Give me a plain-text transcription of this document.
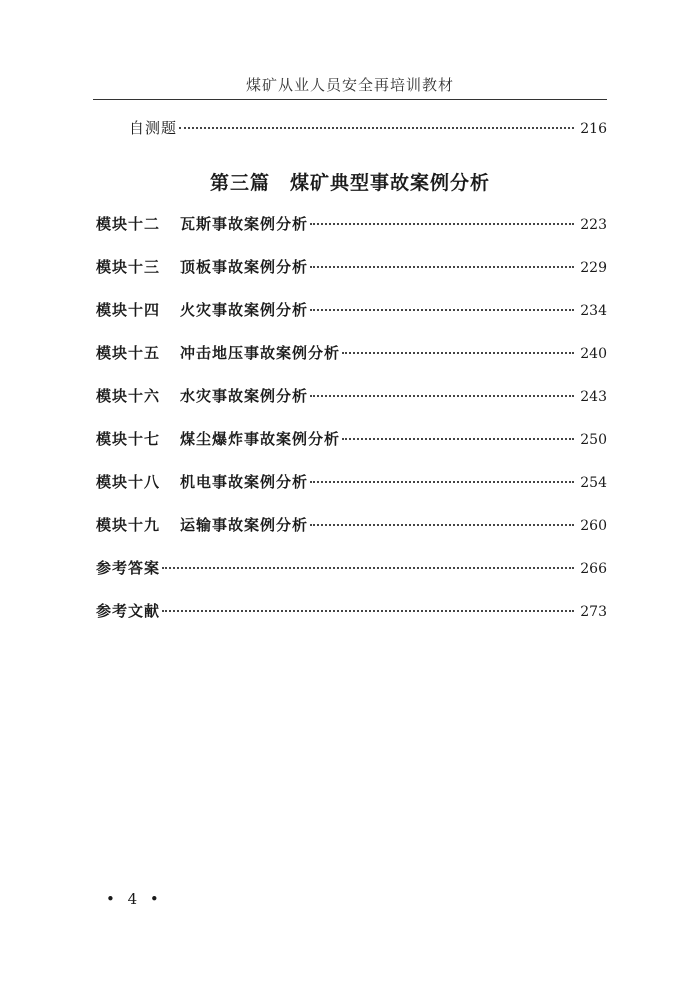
煤矿从业人员安全再培训教材
自测题	216
第三篇 煤矿典型事故案例分析
模块十二 瓦斯事故案例分析	223
模块十三 顶板事故案例分析	229
模块十四 火灾事故案例分析	234
模块十五 冲击地压事故案例分析	240
模块十六 水灾事故案例分析	243
模块十七 煤尘爆炸事故案例分析	250
模块十八 机电事故案例分析	254
模块十九 运输事故案例分析	260
参考答案	266
参考文献	273
• 4 •
